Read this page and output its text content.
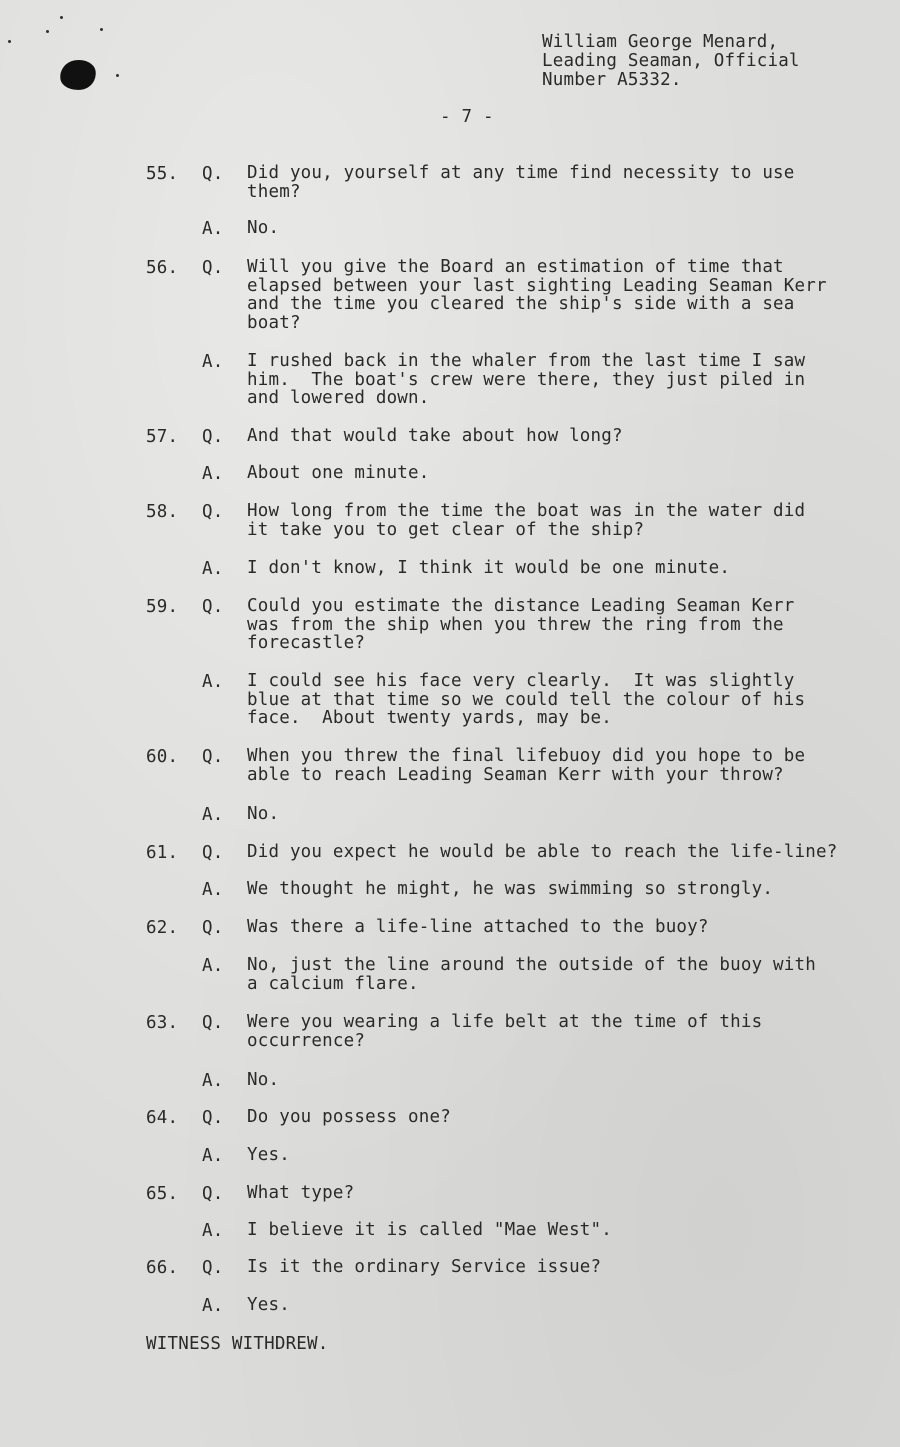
William George Menard,
Leading Seaman, Official
Number A5332.
- 7 -
55. Q. Did you, yourself at any time find necessity to use
them?
A. No.
56. Q. Will you give the Board an estimation of time that
elapsed between your last sighting Leading Seaman Kerr
and the time you cleared the ship's side with a sea
boat?
A. I rushed back in the whaler from the last time I saw
him.  The boat's crew were there, they just piled in
and lowered down.
57. Q. And that would take about how long?
A. About one minute.
58. Q. How long from the time the boat was in the water did
it take you to get clear of the ship?
A. I don't know, I think it would be one minute.
59. Q. Could you estimate the distance Leading Seaman Kerr
was from the ship when you threw the ring from the
forecastle?
A. I could see his face very clearly.  It was slightly
blue at that time so we could tell the colour of his
face.  About twenty yards, may be.
60. Q. When you threw the final lifebuoy did you hope to be
able to reach Leading Seaman Kerr with your throw?
A. No.
61. Q. Did you expect he would be able to reach the life-line?
A. We thought he might, he was swimming so strongly.
62. Q. Was there a life-line attached to the buoy?
A. No, just the line around the outside of the buoy with
a calcium flare.
63. Q. Were you wearing a life belt at the time of this
occurrence?
A. No.
64. Q. Do you possess one?
A. Yes.
65. Q. What type?
A. I believe it is called "Mae West".
66. Q. Is it the ordinary Service issue?
A. Yes.
WITNESS WITHDREW.
